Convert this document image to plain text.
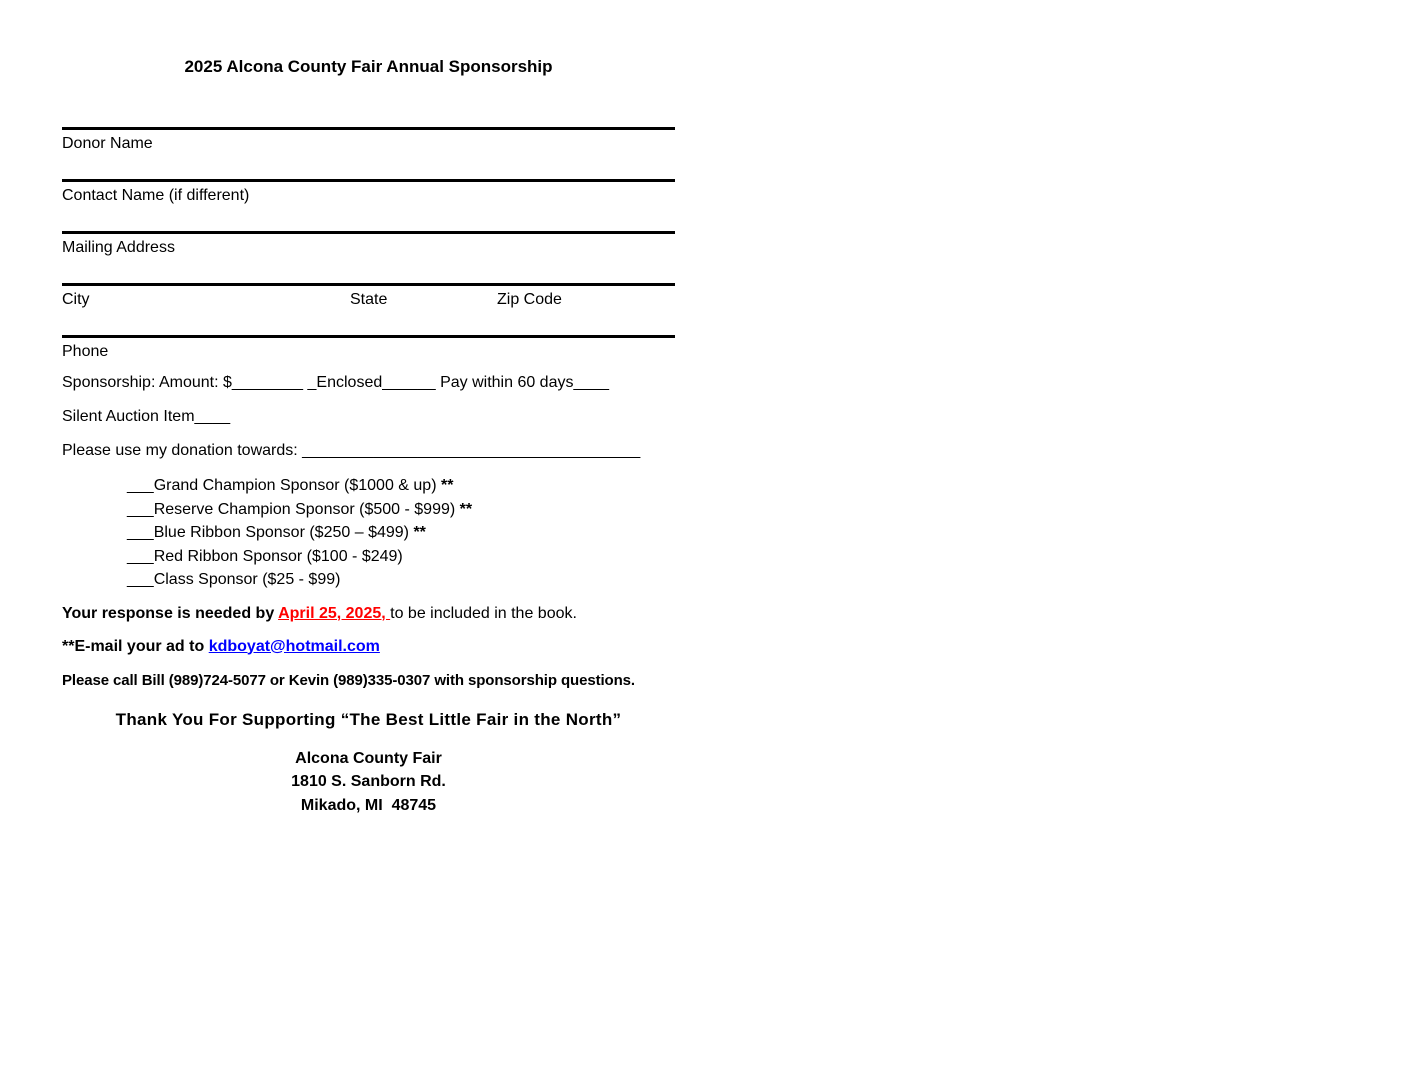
2025 Alcona County Fair Annual Sponsorship
Donor Name
Contact Name (if different)
Mailing Address
City	State	Zip Code
Phone

Sponsorship: Amount: $________ _Enclosed______ Pay within 60 days____

Silent Auction Item____

Please use my donation towards: ______________________________________

___Grand Champion Sponsor ($1000 & up) **
___Reserve Champion Sponsor ($500 - $999) **
___Blue Ribbon Sponsor ($250 – $499) **
___Red Ribbon Sponsor ($100 - $249)
___Class Sponsor ($25 - $99)

Your response is needed by April 25, 2025, to be included in the book.

**E-mail your ad to kdboyat@hotmail.com

Please call Bill (989)724-5077 or Kevin (989)335-0307 with sponsorship questions.

Thank You For Supporting “The Best Little Fair in the North”

Alcona County Fair
1810 S. Sanborn Rd.
Mikado, MI  48745
